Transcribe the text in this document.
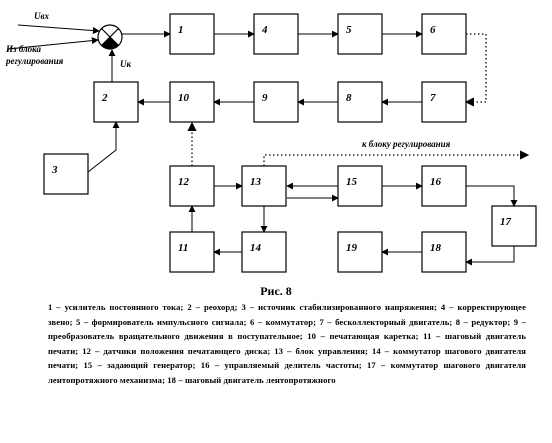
1	4	5	6
7
8
9
10
2
3
12	13	15	16
17
11	14	19	18
Uвх
Из блока
регулирования	Uк
к блоку регулирования
Рис. 8
1 – усилитель постоянного тока; 2 – реохорд; 3 – источник стабилизированного напряжения; 4 – корректирующее звено; 5 – формирователь импульсного сигнала; 6 – коммутатор; 7 – бесколлекторный двигатель; 8 – редуктор; 9 – преобразователь вращательного движения в поступательное; 10 – печатающая каретка; 11 – шаговый двигатель печати; 12 – датчики положения печатающего диска; 13 – блок управления; 14 – коммутатор шагового двигателя печати; 15 – задающий генератор; 16 – управляемый делитель частоты; 17 – коммутатор шагового двигателя лентопротяжного механизма; 18 – шаговый двигатель лентопротяжного
